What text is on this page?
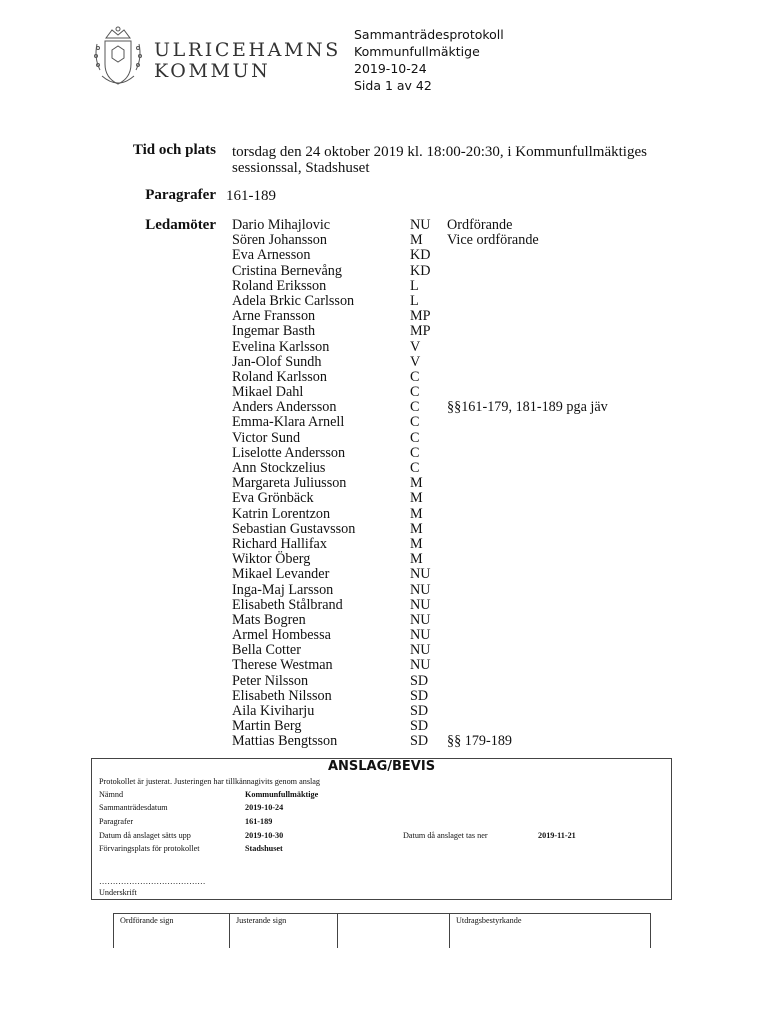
ULRICEHAMNS
KOMMUN
Sammanträdesprotokoll
Kommunfullmäktige
2019-10-24
Sida 1 av 42
Tid och plats torsdag den 24 oktober 2019 kl. 18:00-20:30, i Kommunfullmäktiges
sessionssal, Stadshuset
Paragrafer 161-189
Ledamöter Dario Mihajlovic	NU Ordförande
Sören Johansson	M Vice ordförande
Eva Arnesson	KD
Cristina Bernevång	KD
Roland Eriksson	L
Adela Brkic Carlsson	L
Arne Fransson	MP
Ingemar Basth	MP
Evelina Karlsson	V
Jan-Olof Sundh	V
Roland Karlsson	C
Mikael Dahl	C
Anders Andersson	C §§161-179, 181-189 pga jäv
Emma-Klara Arnell	C
Victor Sund	C
Liselotte Andersson	C
Ann Stockzelius	C
Margareta Juliusson	M
Eva Grönbäck	M
Katrin Lorentzon	M
Sebastian Gustavsson	M
Richard Hallifax	M
Wiktor Öberg	M
Mikael Levander	NU
Inga-Maj Larsson	NU
Elisabeth Stålbrand	NU
Mats Bogren	NU
Armel Hombessa	NU
Bella Cotter	NU
Therese Westman	NU
Peter Nilsson	SD
Elisabeth Nilsson	SD
Aila Kiviharju	SD
Martin Berg	SD
Mattias Bengtsson	SD §§ 179-189
ANSLAG/BEVIS
Protokollet är justerat. Justeringen har tillkännagivits genom anslag
Nämnd	Kommunfullmäktige
Sammanträdesdatum	2019-10-24
Paragrafer	161-189
Datum då anslaget sätts upp	2019-10-30	Datum då anslaget tas ner	2019-11-21
Förvaringsplats för protokollet	Stadshuset
…………………………………
Underskrift
Ordförande sign	Justerande sign	Utdragsbestyrkande
